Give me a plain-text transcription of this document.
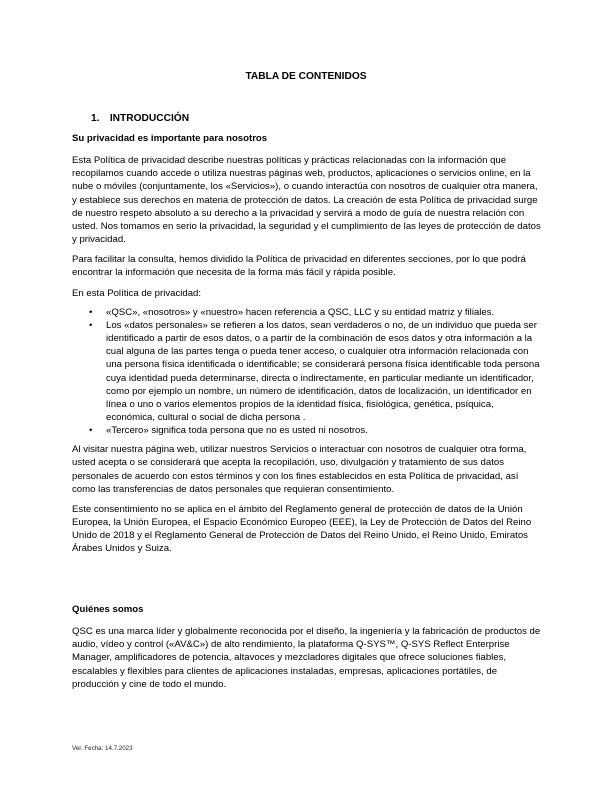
TABLA DE CONTENIDOS
1. INTRODUCCIÓN

Su privacidad es importante para nosotros

Esta Política de privacidad describe nuestras políticas y prácticas relacionadas con la información que recopilamos cuando accede o utiliza nuestras páginas web, productos, aplicaciones o servicios online, en la nube o móviles (conjuntamente, los «Servicios»), o cuando interactúa con nosotros de cualquier otra manera, y establece sus derechos en materia de protección de datos. La creación de esta Política de privacidad surge de nuestro respeto absoluto a su derecho a la privacidad y servirá a modo de guía de nuestra relación con usted. Nos tomamos en serio la privacidad, la seguridad y el cumplimiento de las leyes de protección de datos y privacidad.

Para facilitar la consulta, hemos dividido la Política de privacidad en diferentes secciones, por lo que podrá encontrar la información que necesita de la forma más fácil y rápida posible.

En esta Política de privacidad:

• «QSC», «nosotros» y «nuestro» hacen referencia a QSC, LLC y su entidad matriz y filiales.
• Los «datos personales» se refieren a los datos, sean verdaderos o no, de un individuo que pueda ser identificado a partir de esos datos, o a partir de la combinación de esos datos y otra información a la cual alguna de las partes tenga o pueda tener acceso, o cualquier otra información relacionada con una persona física identificada o identificable; se considerará persona física identificable toda persona cuya identidad pueda determinarse, directa o indirectamente, en particular mediante un identificador, como por ejemplo un nombre, un número de identificación, datos de localización, un identificador en línea o uno o varios elementos propios de la identidad física, fisiológica, genética, psíquica, económica, cultural o social de dicha persona .
• «Tercero» significa toda persona que no es usted ni nosotros.

Al visitar nuestra página web, utilizar nuestros Servicios o interactuar con nosotros de cualquier otra forma, usted acepta o se considerará que acepta la recopilación, uso, divulgación y tratamiento de sus datos personales de acuerdo con estos términos y con los fines establecidos en esta Política de privacidad, así como las transferencias de datos personales que requieran consentimiento.

Este consentimiento no se aplica en el ámbito del Reglamento general de protección de datos de la Unión Europea, la Unión Europea, el Espacio Económico Europeo (EEE), la Ley de Protección de Datos del Reino Unido de 2018 y el Reglamento General de Protección de Datos del Reino Unido, el Reino Unido, Emiratos Árabes Unidos y Suiza.

Quiénes somos

QSC es una marca líder y globalmente reconocida por el diseño, la ingeniería y la fabricación de productos de audio, vídeo y control («AV&C») de alto rendimiento, la plataforma Q-SYS™, Q-SYS Reflect Enterprise Manager, amplificadores de potencia, altavoces y mezcladores digitales que ofrece soluciones fiables, escalables y flexibles para clientes de aplicaciones instaladas, empresas, aplicaciones portátiles, de producción y cine de todo el mundo.

Ver. Fecha: 14.7.2023
